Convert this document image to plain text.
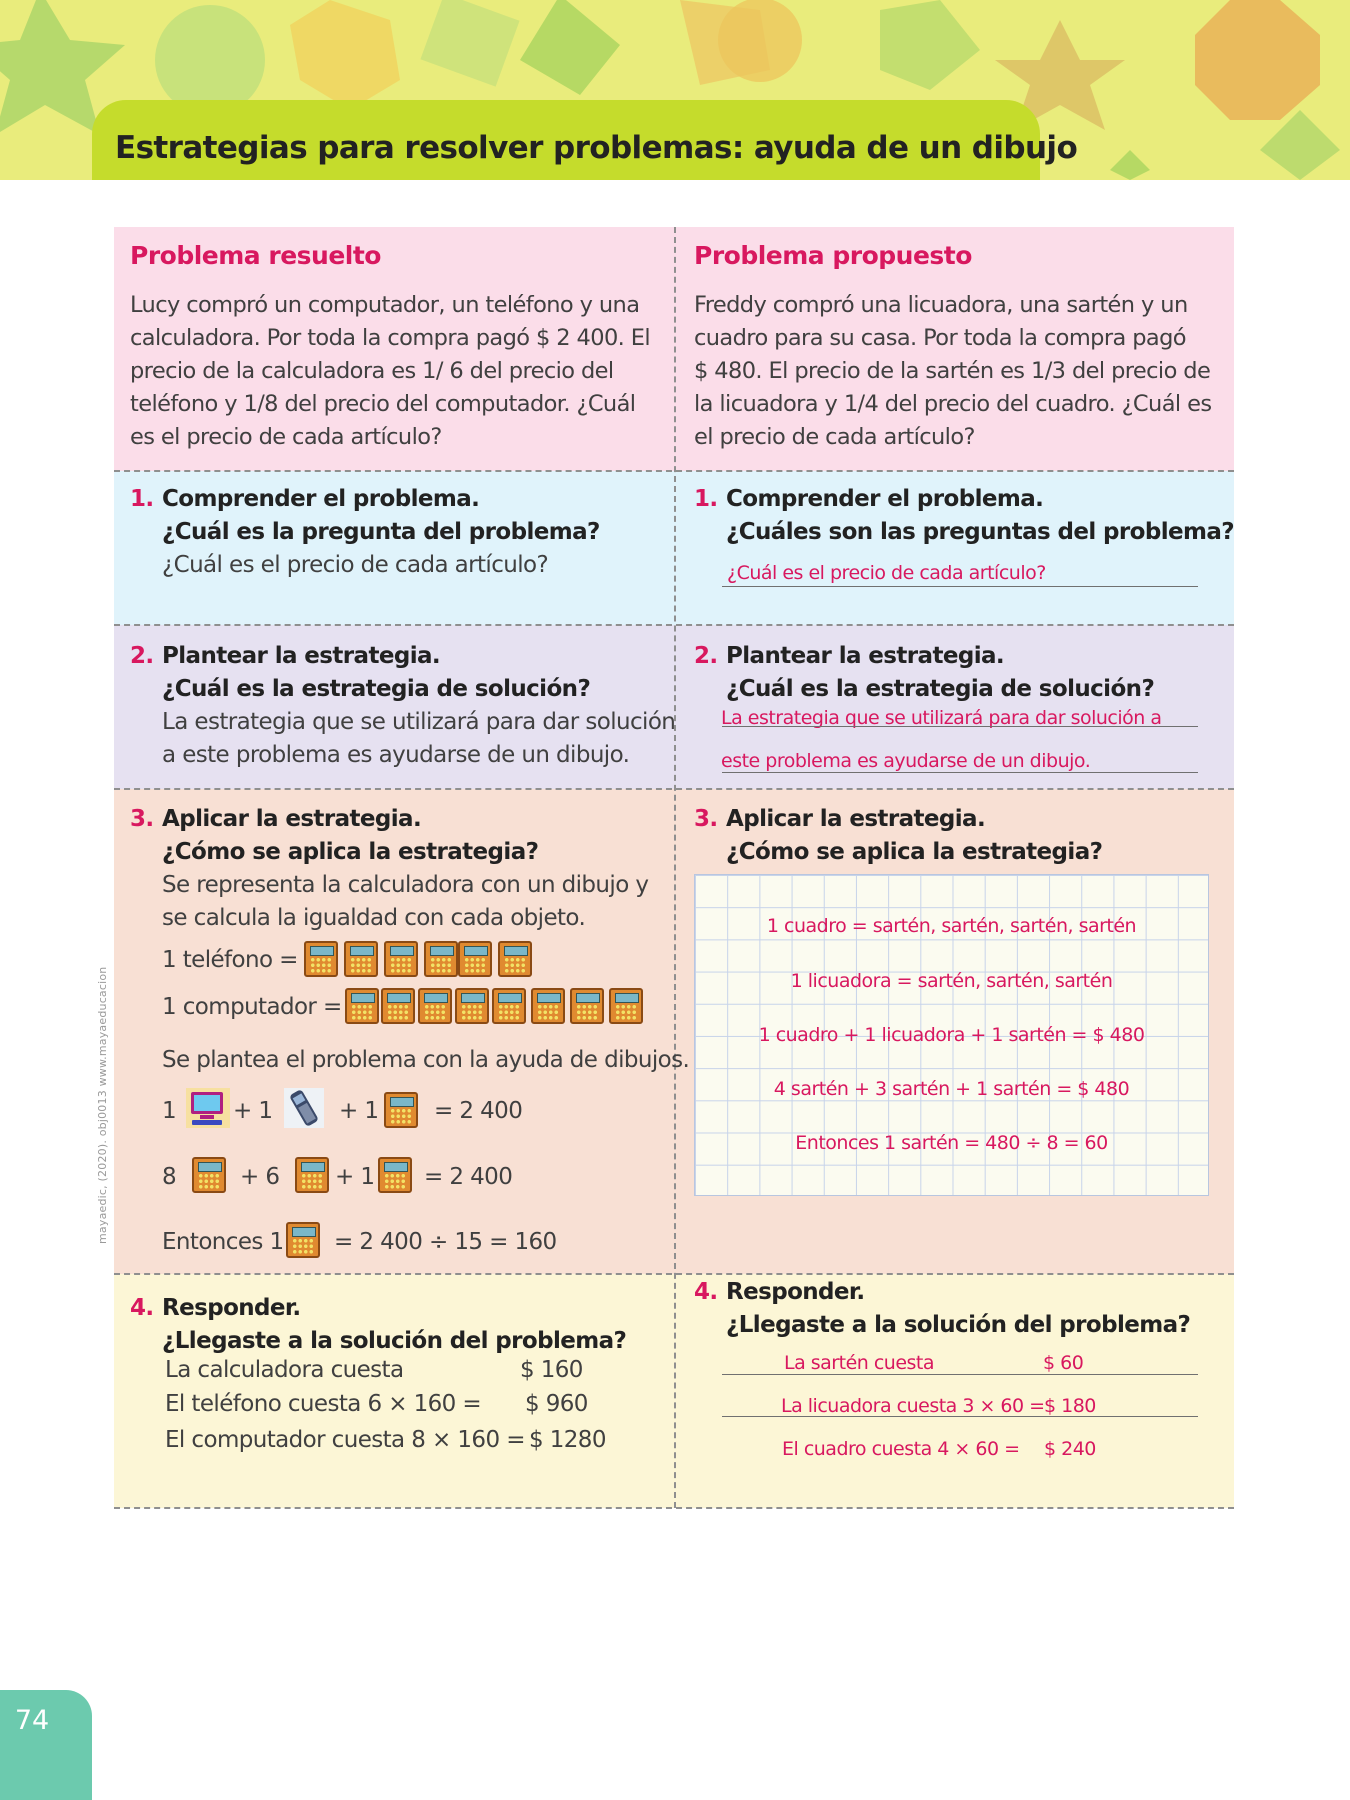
Estrategias para resolver problemas: ayuda de un dibujo
Problema resuelto
Lucy compró un computador, un teléfono y una
calculadora. Por toda la compra pagó $ 2 400. El
precio de la calculadora es 1/ 6 del precio del
teléfono y 1/8 del precio del computador. ¿Cuál
es el precio de cada artículo?
Problema propuesto
Freddy compró una licuadora, una sartén y un
cuadro para su casa. Por toda la compra pagó
$ 480. El precio de la sartén es 1/3 del precio de
la licuadora y 1/4 del precio del cuadro. ¿Cuál es
el precio de cada artículo?
1. Comprender el problema.
¿Cuál es la pregunta del problema?
¿Cuál es el precio de cada artículo?
1. Comprender el problema.
¿Cuáles son las preguntas del problema?
¿Cuál es el precio de cada artículo?
2. Plantear la estrategia.
¿Cuál es la estrategia de solución?
La estrategia que se utilizará para dar solución
a este problema es ayudarse de un dibujo.
2. Plantear la estrategia.
¿Cuál es la estrategia de solución?
La estrategia que se utilizará para dar solución a
este problema es ayudarse de un dibujo.
3. Aplicar la estrategia.
¿Cómo se aplica la estrategia?
Se representa la calculadora con un dibujo y
se calcula la igualdad con cada objeto.
1 teléfono =
1 computador =
Se plantea el problema con la ayuda de dibujos.
1 + 1	+ 1 = 2 400
8	+ 6 + 1 = 2 400
Entonces 1 = 2 400 ÷ 15 = 160
3. Aplicar la estrategia.
¿Cómo se aplica la estrategia?
1 cuadro = sartén, sartén, sartén, sartén
1 licuadora = sartén, sartén, sartén
1 cuadro + 1 licuadora + 1 sartén = $ 480
4 sartén + 3 sartén + 1 sartén = $ 480
Entonces 1 sartén = 480 ÷ 8 = 60
4. Responder.
¿Llegaste a la solución del problema?
La calculadora cuesta	$ 160
El teléfono cuesta 6 × 160 = $ 960
El computador cuesta 8 × 160 = $ 1280
4. Responder.
¿Llegaste a la solución del problema?
La sartén cuesta	$ 60
La licuadora cuesta 3 × 60 = $ 180
El cuadro cuesta 4 × 60 = $ 240
mayaedic, (2020). obj0013 www.mayaeducacion
74
